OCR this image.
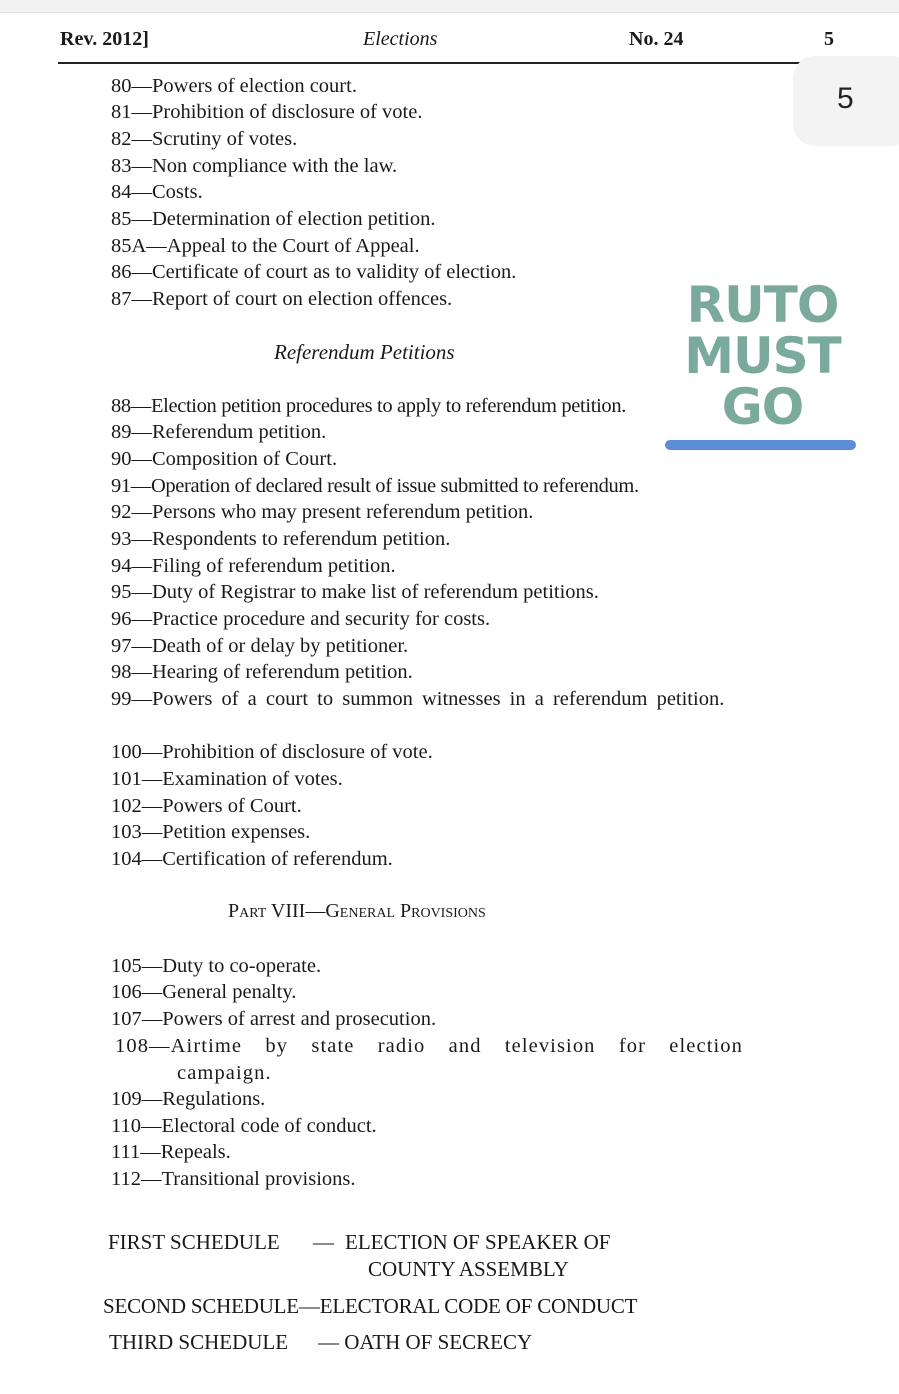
Rev. 2012]	Elections	No. 24	5
5
80—Powers of election court.
81—Prohibition of disclosure of vote.
82—Scrutiny of votes.
83—Non compliance with the law.
84—Costs.
85—Determination of election petition.
85A—Appeal to the Court of Appeal.
86—Certificate of court as to validity of election.
87—Report of court on election offences.
Referendum Petitions
88—Election petition procedures to apply to referendum petition.
89—Referendum petition.
90—Composition of Court.
91—Operation of declared result of issue submitted to referendum.
92—Persons who may present referendum petition.
93—Respondents to referendum petition.
94—Filing of referendum petition.
95—Duty of Registrar to make list of referendum petitions.
96—Practice procedure and security for costs.
97—Death of or delay by petitioner.
98—Hearing of referendum petition.
99—Powers of a court to summon witnesses in a referendum petition.
100—Prohibition of disclosure of vote.
101—Examination of votes.
102—Powers of Court.
103—Petition expenses.
104—Certification of referendum.
Part VIII—General Provisions
105—Duty to co-operate.
106—General penalty.
107—Powers of arrest and prosecution.
108—Airtime by state radio and television for election campaign.
109—Regulations.
110—Electoral code of conduct.
111—Repeals.
112—Transitional provisions.
FIRST SCHEDULE — ELECTION OF SPEAKER OF
COUNTY ASSEMBLY
SECOND SCHEDULE—ELECTORAL CODE OF CONDUCT
THIRD SCHEDULE — OATH OF SECRECY
RUTO
MUST
GO
